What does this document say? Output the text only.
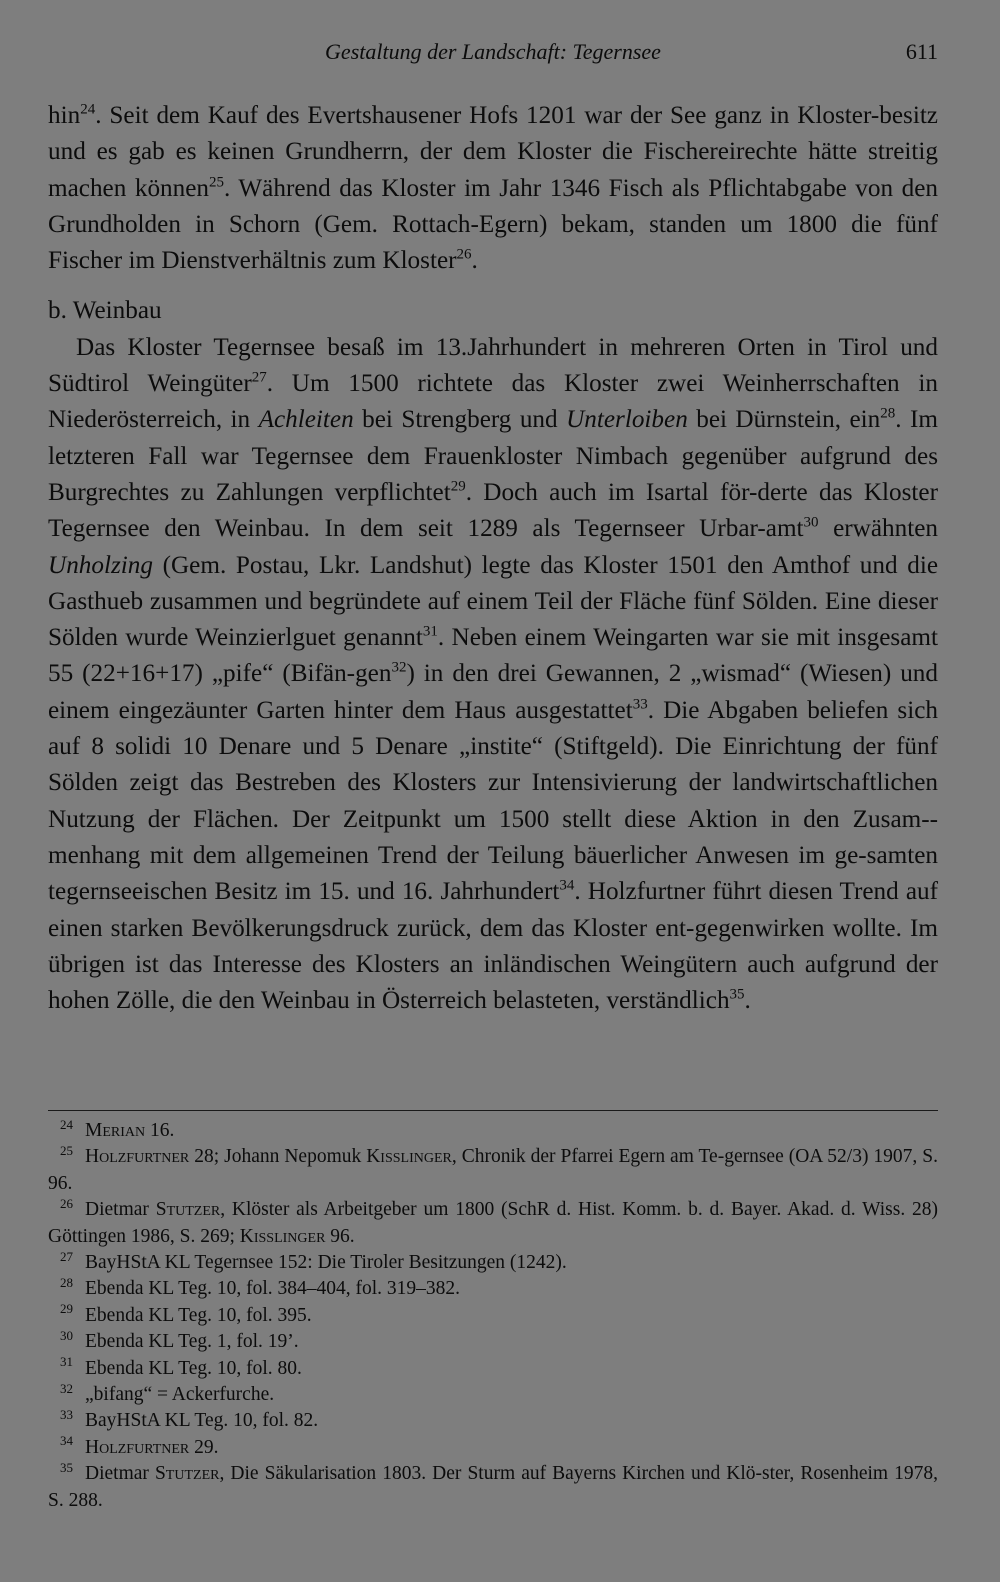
Gestaltung der Landschaft: Tegernsee	611

hin$^{24}$. Seit dem Kauf des Evertshausener Hofs 1201 war der See ganz in Kloster-besitz und es gab es keinen Grundherrn, der dem Kloster die Fischereirechte hätte streitig machen können$^{25}$. Während das Kloster im Jahr 1346 Fisch als Pflichtabgabe von den Grundholden in Schorn (Gem. Rottach-Egern) bekam, standen um 1800 die fünf Fischer im Dienstverhältnis zum Kloster$^{26}$.

b. Weinbau

Das Kloster Tegernsee besaß im 13.Jahrhundert in mehreren Orten in Tirol und Südtirol Weingüter$^{27}$. Um 1500 richtete das Kloster zwei Weinherrschaften in Niederösterreich, in Achleiten bei Strengberg und Unterloiben bei Dürnstein, ein$^{28}$. Im letzteren Fall war Tegernsee dem Frauenkloster Nimbach gegenüber aufgrund des Burgrechtes zu Zahlungen verpflichtet$^{29}$. Doch auch im Isartal för-derte das Kloster Tegernsee den Weinbau. In dem seit 1289 als Tegernseer Urbar-amt$^{30}$ erwähnten Unholzing (Gem. Postau, Lkr. Landshut) legte das Kloster 1501 den Amthof und die Gasthueb zusammen und begründete auf einem Teil der Fläche fünf Sölden. Eine dieser Sölden wurde Weinzierlguet genannt$^{31}$. Neben einem Weingarten war sie mit insgesamt 55 (22+16+17) „pife“ (Bifän-gen$^{32}$) in den drei Gewannen, 2 „wismad“ (Wiesen) und einem eingezäunter Garten hinter dem Haus ausgestattet$^{33}$. Die Abgaben beliefen sich auf 8 solidi 10 Denare und 5 Denare „instite“ (Stiftgeld). Die Einrichtung der fünf Sölden zeigt das Bestreben des Klosters zur Intensivierung der landwirtschaftlichen Nutzung der Flächen. Der Zeitpunkt um 1500 stellt diese Aktion in den Zusam-menhang mit dem allgemeinen Trend der Teilung bäuerlicher Anwesen im ge-samten tegernseeischen Besitz im 15. und 16. Jahrhundert$^{34}$. Holzfurtner führt diesen Trend auf einen starken Bevölkerungsdruck zurück, dem das Kloster ent-gegenwirken wollte. Im übrigen ist das Interesse des Klosters an inländischen Weingütern auch aufgrund der hohen Zölle, die den Weinbau in Österreich belasteten, verständlich$^{35}$.

$^{24}$ Merian 16.

$^{25}$ Holzfurtner 28; Johann Nepomuk Kisslinger, Chronik der Pfarrei Egern am Te-gernsee (OA 52/3) 1907, S. 96.

$^{26}$ Dietmar Stutzer, Klöster als Arbeitgeber um 1800 (SchR d. Hist. Komm. b. d. Bayer. Akad. d. Wiss. 28) Göttingen 1986, S. 269; Kisslinger 96.

$^{27}$ BayHStA KL Tegernsee 152: Die Tiroler Besitzungen (1242).

$^{28}$ Ebenda KL Teg. 10, fol. 384–404, fol. 319–382.

$^{29}$ Ebenda KL Teg. 10, fol. 395.

$^{30}$ Ebenda KL Teg. 1, fol. 19’.

$^{31}$ Ebenda KL Teg. 10, fol. 80.

$^{32}$ „bifang“ = Ackerfurche.

$^{33}$ BayHStA KL Teg. 10, fol. 82.

$^{34}$ Holzfurtner 29.

$^{35}$ Dietmar Stutzer, Die Säkularisation 1803. Der Sturm auf Bayerns Kirchen und Klö-ster, Rosenheim 1978, S. 288.
